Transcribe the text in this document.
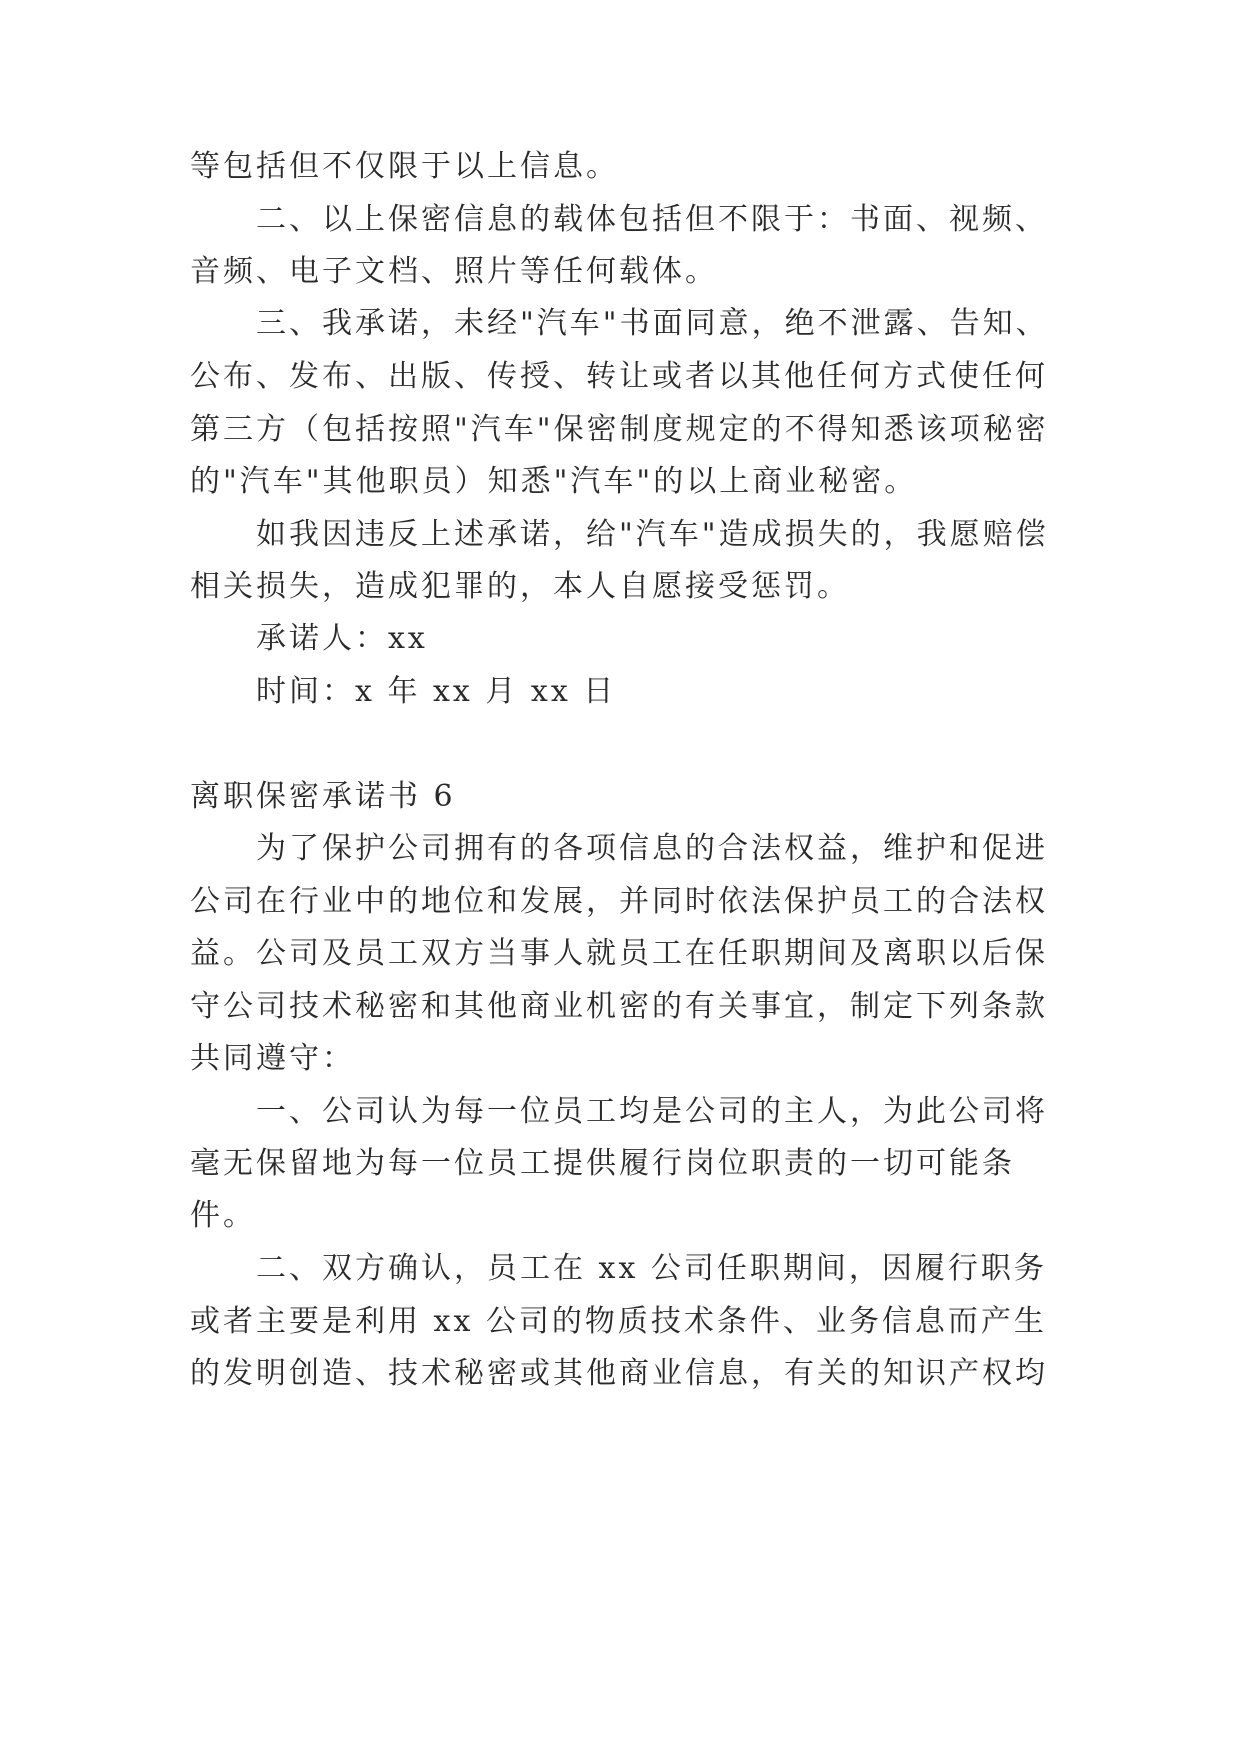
等包括但不仅限于以上信息。
二、以上保密信息的载体包括但不限于：书面、视频、
音频、电子文档、照片等任何载体。
三、我承诺，未经"汽车"书面同意，绝不泄露、告知、
公布、发布、出版、传授、转让或者以其他任何方式使任何
第三方（包括按照"汽车"保密制度规定的不得知悉该项秘密
的"汽车"其他职员）知悉"汽车"的以上商业秘密。
如我因违反上述承诺，给"汽车"造成损失的，我愿赔偿
相关损失，造成犯罪的，本人自愿接受惩罚。
承诺人：xx
时间：x 年 xx 月 xx 日
离职保密承诺书 6
为了保护公司拥有的各项信息的合法权益，维护和促进
公司在行业中的地位和发展，并同时依法保护员工的合法权
益。公司及员工双方当事人就员工在任职期间及离职以后保
守公司技术秘密和其他商业机密的有关事宜，制定下列条款
共同遵守：
一、公司认为每一位员工均是公司的主人，为此公司将
毫无保留地为每一位员工提供履行岗位职责的一切可能条
件。
二、双方确认，员工在 xx 公司任职期间，因履行职务
或者主要是利用 xx 公司的物质技术条件、业务信息而产生
的发明创造、技术秘密或其他商业信息，有关的知识产权均
